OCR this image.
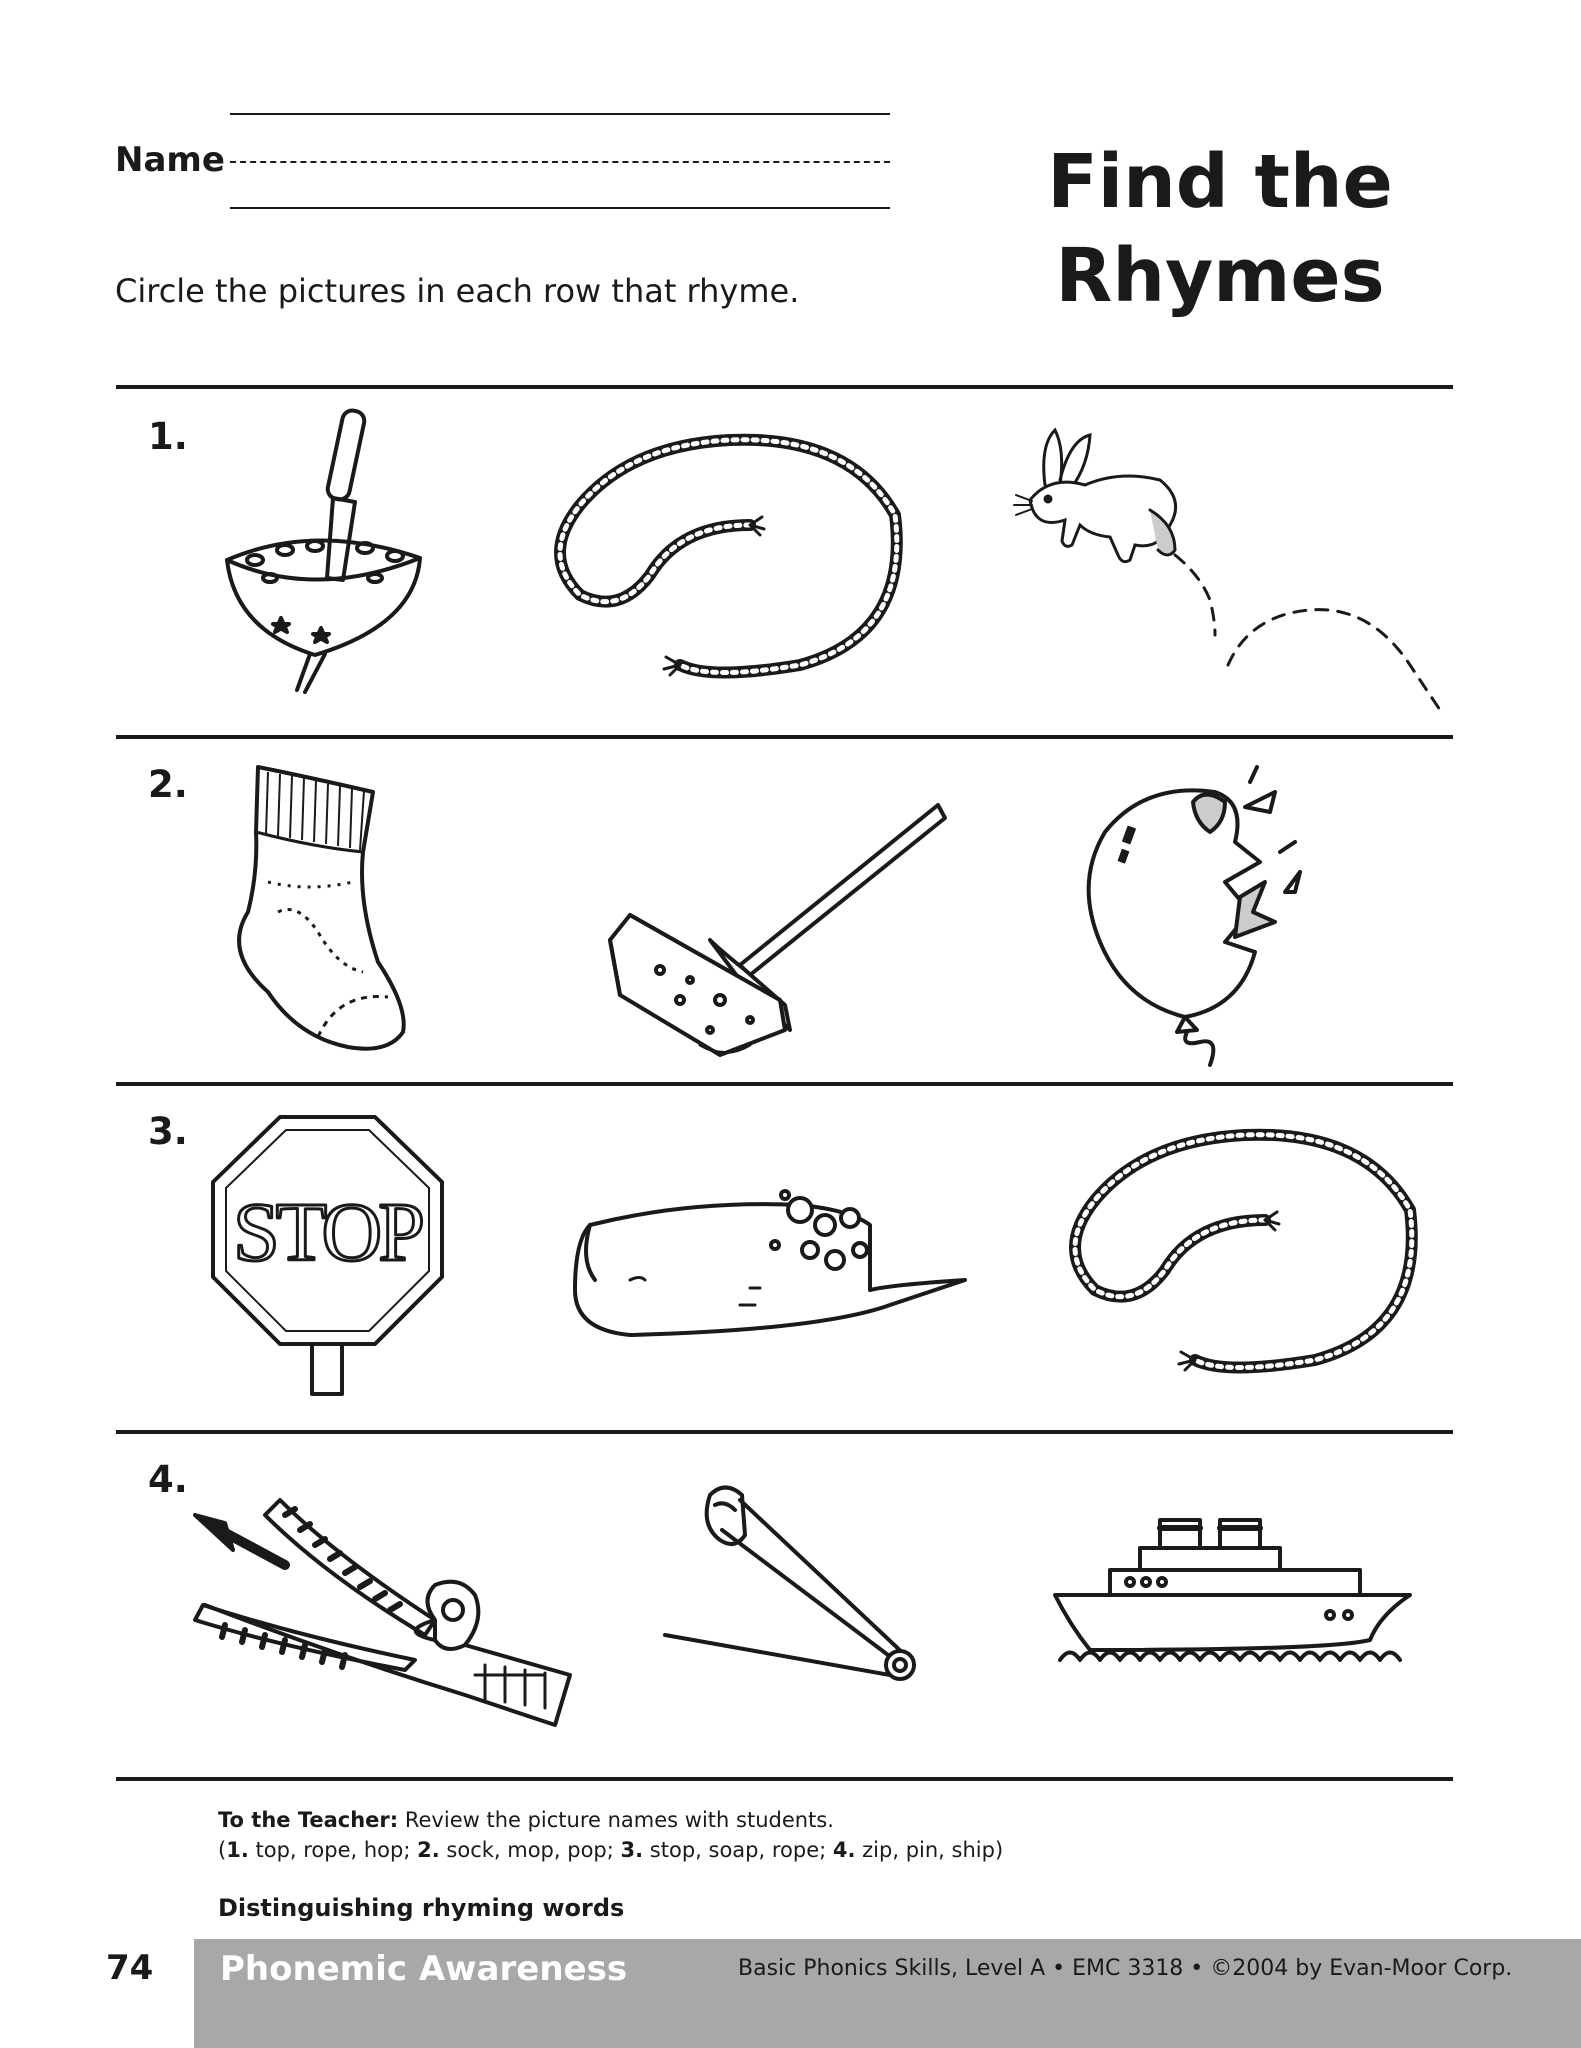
Name	Find the
Rhymes

Circle the pictures in each row that rhyme.

1.

2.

3.

4.

STOP

To the Teacher: Review the picture names with students.
(1. top, rope, hop; 2. sock, mop, pop; 3. stop, soap, rope; 4. zip, pin, ship)

Distinguishing rhyming words

74 Phonemic Awareness	Basic Phonics Skills, Level A • EMC 3318 • ©2004 by Evan-Moor Corp.
